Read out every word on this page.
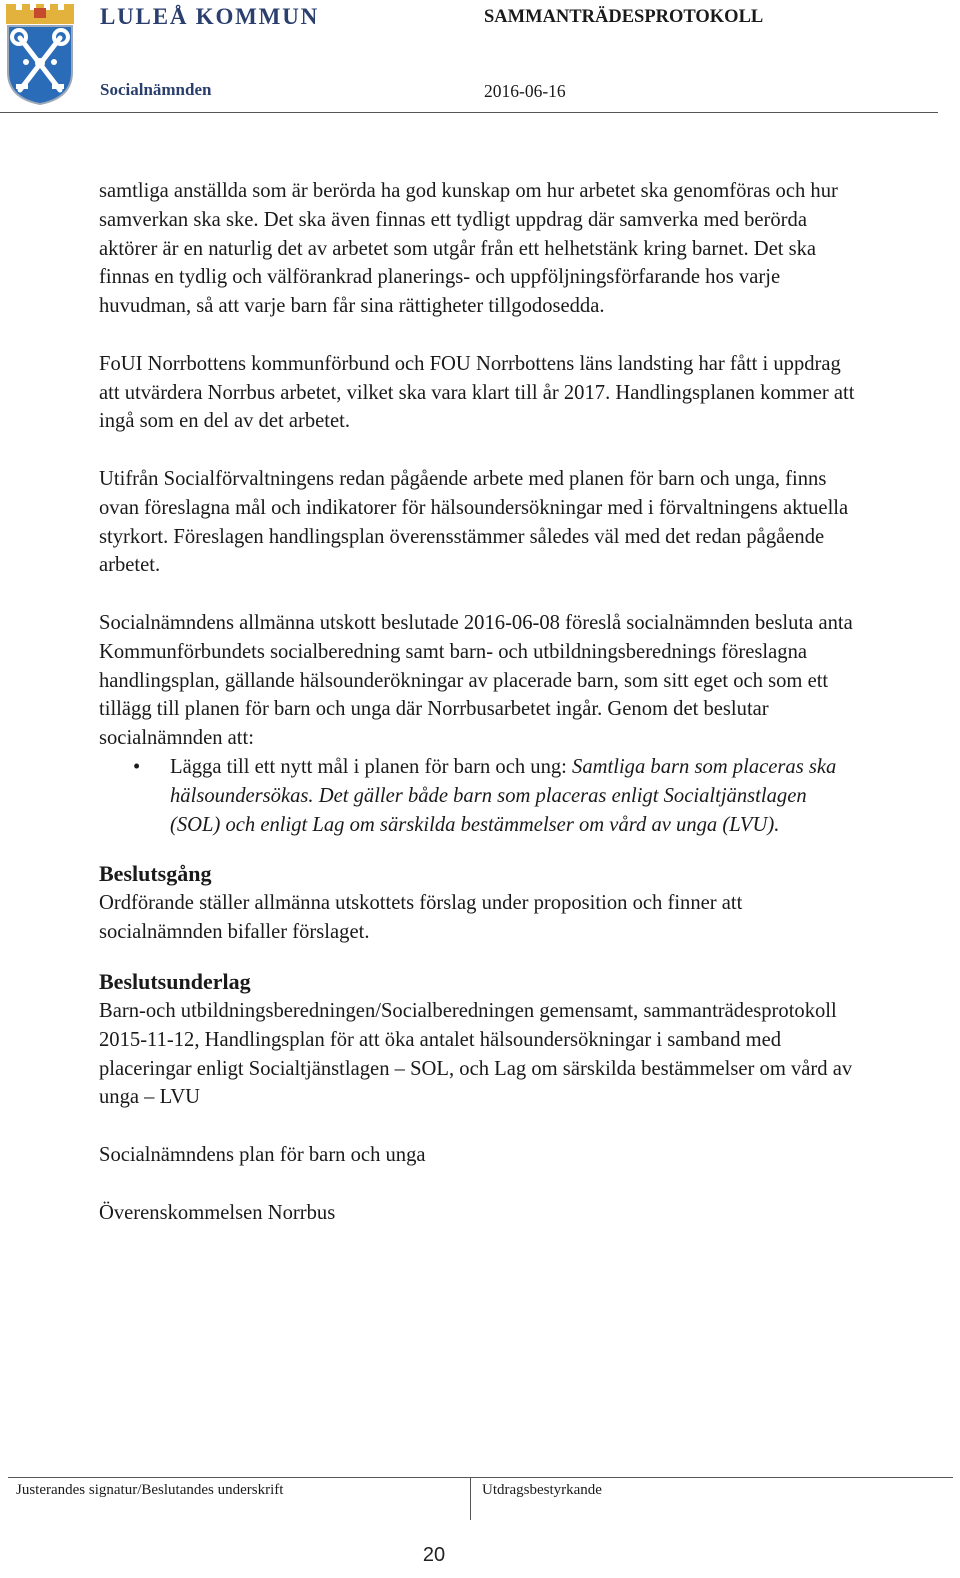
LULEÅ KOMMUN
Socialnämnden
SAMMANTRÄDESPROTOKOLL
2016-06-16

samtliga anställda som är berörda ha god kunskap om hur arbetet ska genomföras och hur samverkan ska ske. Det ska även finnas ett tydligt uppdrag där samverka med berörda aktörer är en naturlig det av arbetet som utgår från ett helhetstänk kring barnet. Det ska finnas en tydlig och välförankrad planerings- och uppföljningsförfarande hos varje huvudman, så att varje barn får sina rättigheter tillgodosedda.

FoUI Norrbottens kommunförbund och FOU Norrbottens läns landsting har fått i uppdrag att utvärdera Norrbus arbetet, vilket ska vara klart till år 2017. Handlingsplanen kommer att ingå som en del av det arbetet.

Utifrån Socialförvaltningens redan pågående arbete med planen för barn och unga, finns ovan föreslagna mål och indikatorer för hälsoundersökningar med i förvaltningens aktuella styrkort. Föreslagen handlingsplan överensstämmer således väl med det redan pågående arbetet.

Socialnämndens allmänna utskott beslutade 2016-06-08 föreslå socialnämnden besluta anta Kommunförbundets socialberedning samt barn- och utbildningsberednings föreslagna handlingsplan, gällande hälsounderökningar av placerade barn, som sitt eget och som ett tillägg till planen för barn och unga där Norrbusarbetet ingår. Genom det beslutar socialnämnden att:

• Lägga till ett nytt mål i planen för barn och ung: Samtliga barn som placeras ska hälsoundersökas. Det gäller både barn som placeras enligt Socialtjänstlagen (SOL) och enligt Lag om särskilda bestämmelser om vård av unga (LVU).

Beslutsgång

Ordförande ställer allmänna utskottets förslag under proposition och finner att socialnämnden bifaller förslaget.

Beslutsunderlag

Barn-och utbildningsberedningen/Socialberedningen gemensamt, sammanträdesprotokoll 2015-11-12, Handlingsplan för att öka antalet hälsoundersökningar i samband med placeringar enligt Socialtjänstlagen – SOL, och Lag om särskilda bestämmelser om vård av unga – LVU

Socialnämndens plan för barn och unga

Överenskommelsen Norrbus

Justerandes signatur/Beslutandes underskrift	Utdragsbestyrkande
20
